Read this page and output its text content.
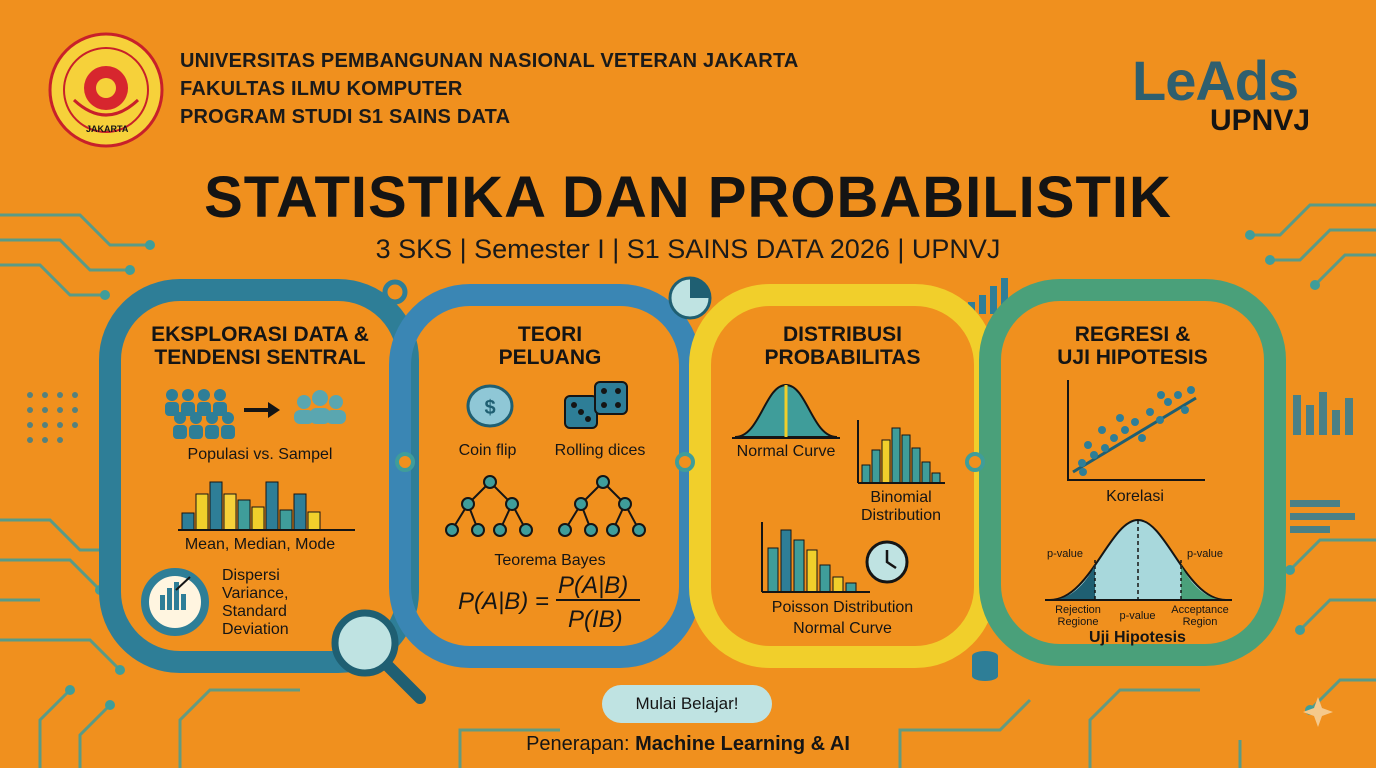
$
UNIVERSITAS PEMBANGUNAN NASIONAL VETERAN JAKARTA
FAKULTAS ILMU KOMPUTER
PROGRAM STUDI S1 SAINS DATA
JAKARTA
LeAds
UPNVJ
STATISTIKA DAN PROBABILISTIK
3 SKS | Semester I | S1 SAINS DATA 2026 | UPNVJ
EKSPLORASI DATA &
TENDENSI SENTRAL
Populasi vs. Sampel
Mean, Median, Mode
Dispersi
Variance,
Standard
Deviation
TEORI
PELUANG
Coin flip	Rolling dices
Teorema Bayes
P(A|B) =
P(A|B)
P(IB)
DISTRIBUSI
PROBABILITAS
Normal Curve
Binomial
Distribution
Poisson Distribution
Normal Curve
REGRESI &
UJI HIPOTESIS
Korelasi
p-value	p-value
Rejection
Regione	p-value	Acceptance
Region
Uji Hipotesis
Mulai Belajar!
Penerapan: Machine Learning & AI
